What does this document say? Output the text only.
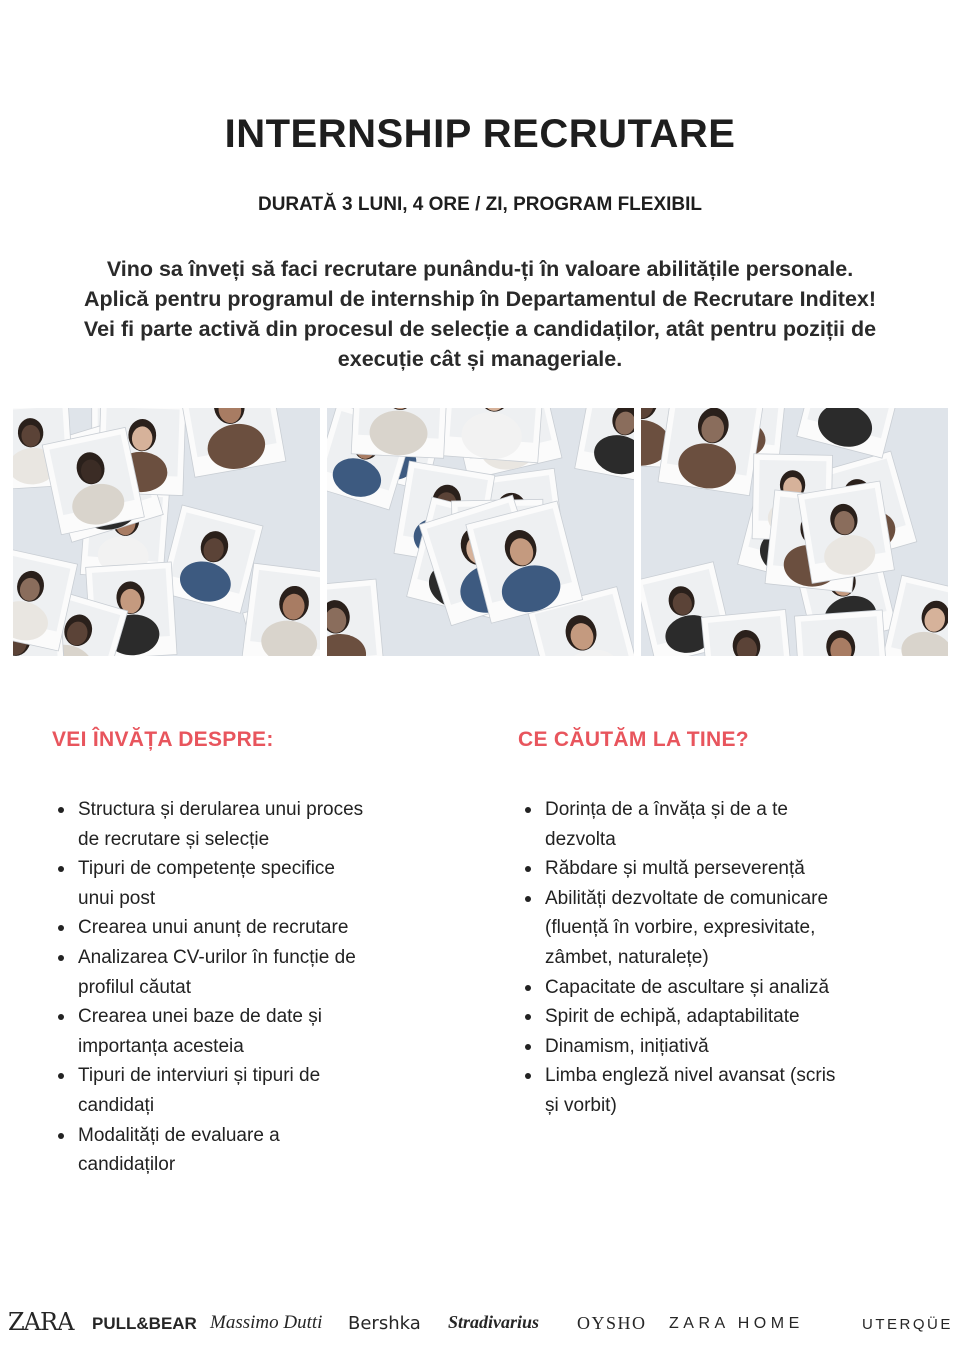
INTERNSHIP RECRUTARE
DURATĂ 3 LUNI, 4 ORE / ZI, PROGRAM FLEXIBIL
Vino sa înveți să faci recrutare punându-ți în valoare abilitățile personale.
Aplică pentru programul de internship în Departamentul de Recrutare Inditex!
Vei fi parte activă din procesul de selecție a candidaților, atât pentru poziții de
execuție cât și manageriale.
VEI ÎNVĂȚA DESPRE:
Structura și derularea unui proces
de recrutare și selecție
Tipuri de competențe specifice
unui post
Crearea unui anunț de recrutare
Analizarea CV-urilor în funcție de
profilul căutat
Crearea unei baze de date și
importanța acesteia
Tipuri de interviuri și tipuri de
candidați
Modalități de evaluare a
candidaților
CE CĂUTĂM LA TINE?
Dorința de a învăța și de a te
dezvolta
Răbdare și multă perseverență
Abilități dezvoltate de comunicare
(fluență în vorbire, expresivitate,
zâmbet, naturalețe)
Capacitate de ascultare și analiză
Spirit de echipă, adaptabilitate
Dinamism, inițiativă
Limba engleză nivel avansat (scris
și vorbit)
ZARA PULL&BEAR Massimo Dutti Bershka Stradivarius OYSHO ZARA HOME	UTERQÜE
